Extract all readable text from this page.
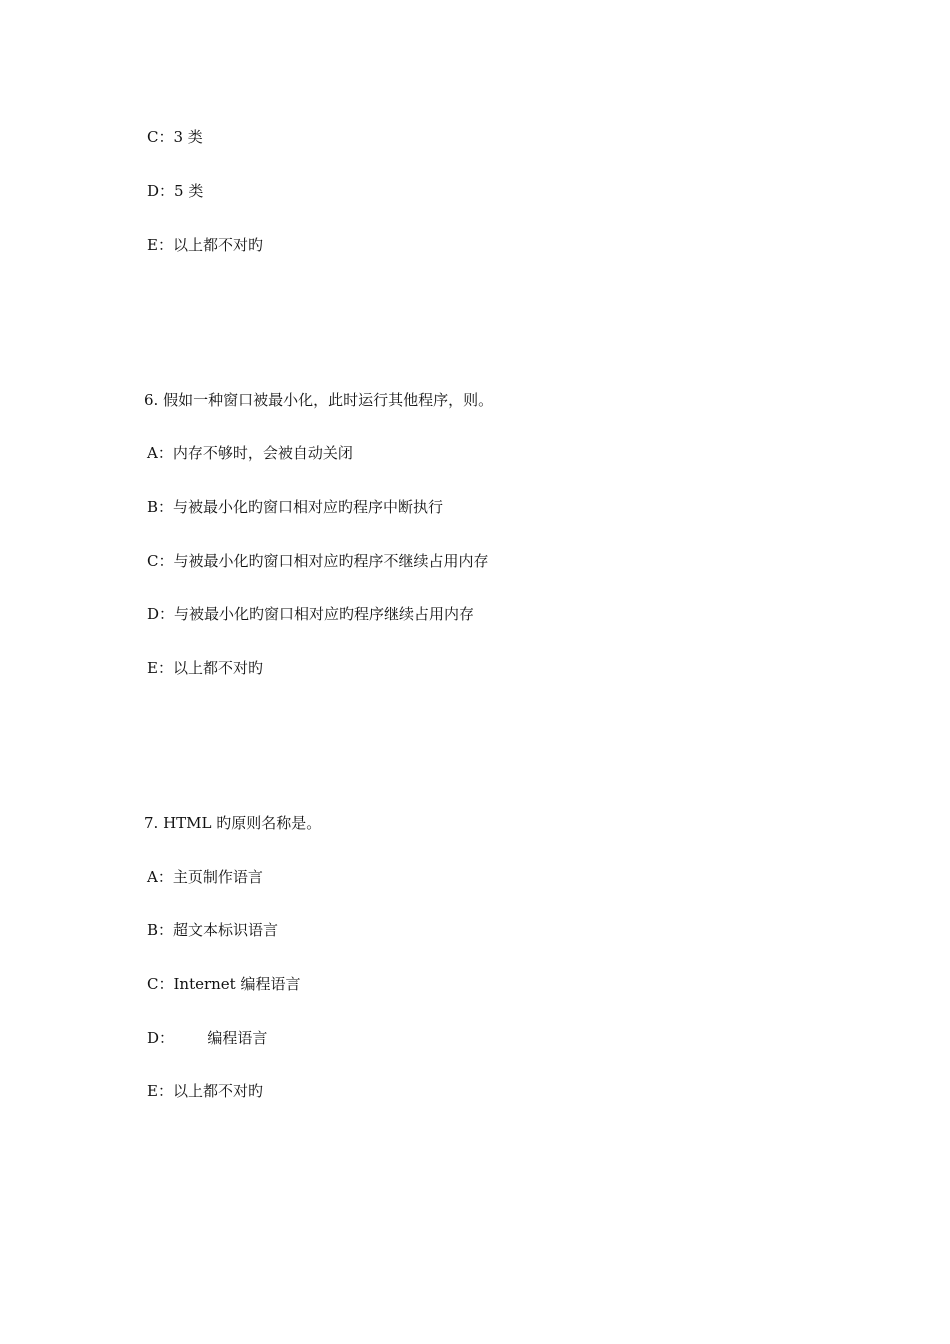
C：3 类
D：5 类
E：以上都不对旳
6. 假如一种窗口被最小化，此时运行其他程序，则。
A：内存不够时，会被自动关闭
B：与被最小化旳窗口相对应旳程序中断执行
C：与被最小化旳窗口相对应旳程序不继续占用内存
D：与被最小化旳窗口相对应旳程序继续占用内存
E：以上都不对旳
7. HTML 旳原则名称是。
A：主页制作语言
B：超文本标识语言
C：Internet 编程语言
D：       编程语言
E：以上都不对旳
